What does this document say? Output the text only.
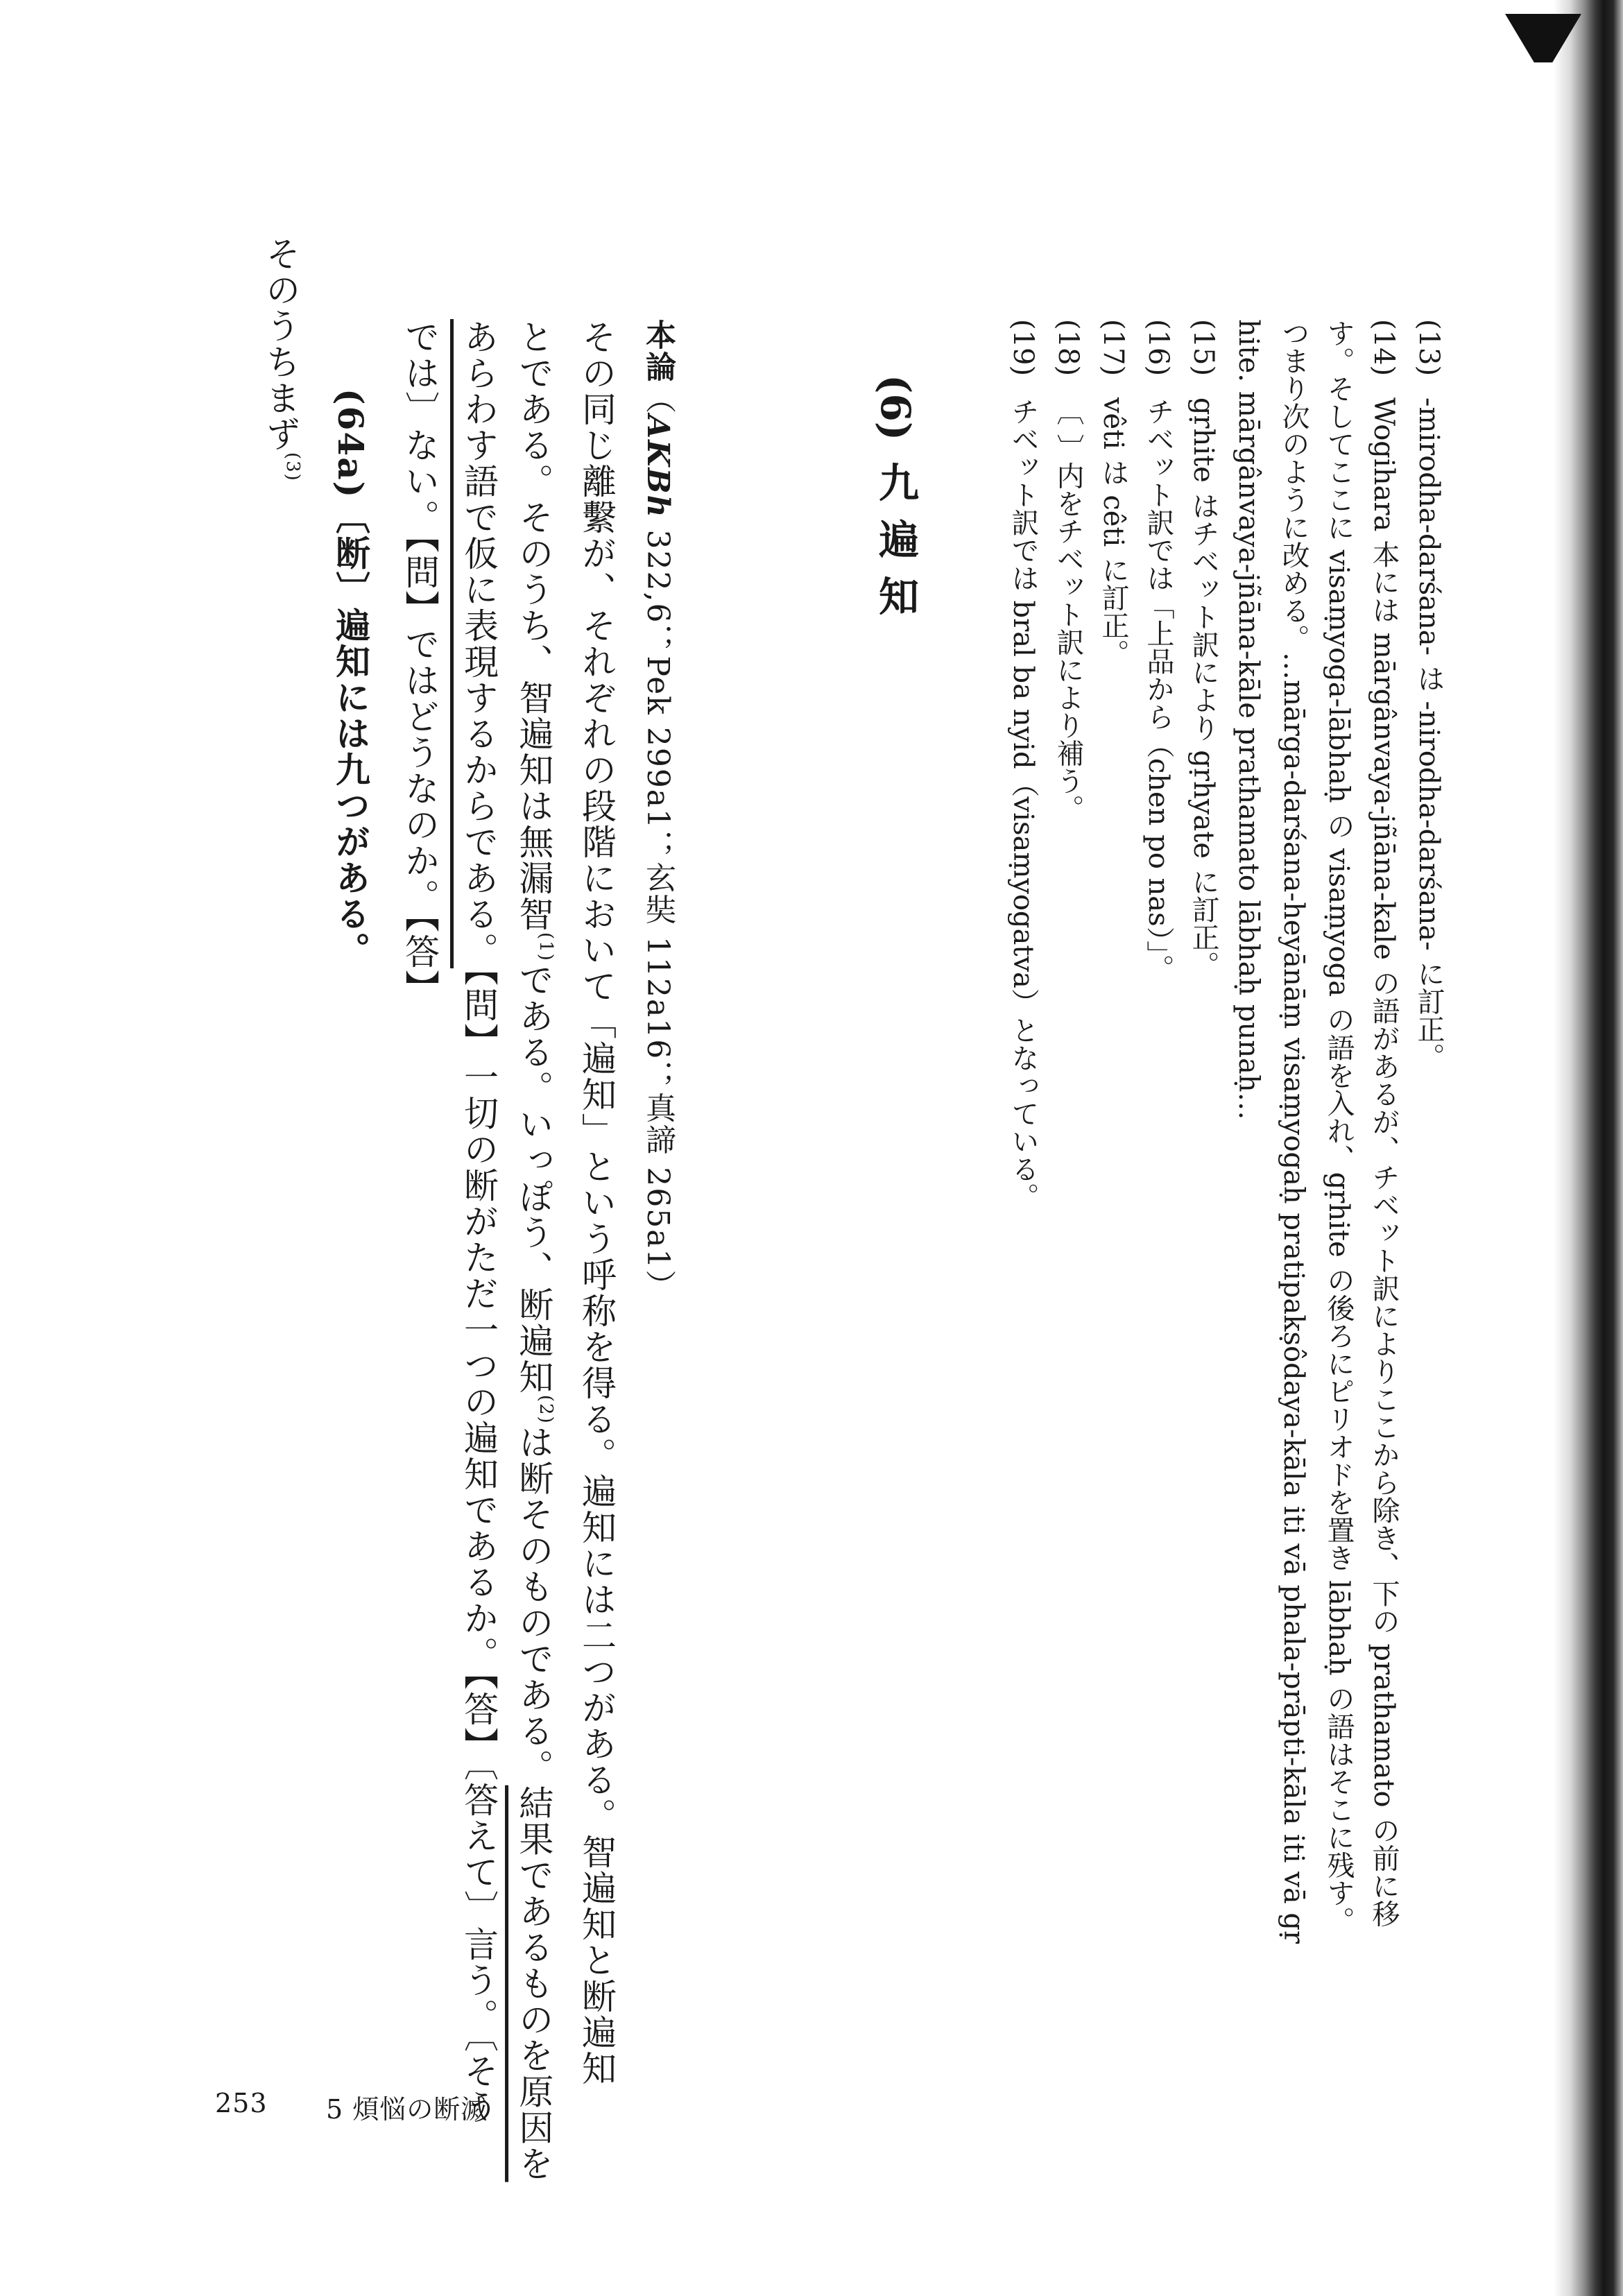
(13) -mirodha-darśana- は -nirodha-darśana- に訂正。
(14) Wogihara 本には mārgânvaya-jñāna-kale の語があるが、チベット訳によりここから除き、下の prathamato の前に移
す。そしてここに visaṃyoga-lābhaḥ の visaṃyoga の語を入れ、gṛhite の後ろにピリオドを置き lābhaḥ の語はそこに残す。
つまり次のように改める。…mārga-darśana-heyānāṃ visaṃyogaḥ pratipakṣôdaya-kāla iti vā phala-prāpti-kāla iti vā gṛ
hite. mārgânvaya-jñāna-kāle prathamato lābhaḥ punaḥ…
(15) gṛhite はチベット訳により gṛhyate に訂正。
(16) チベット訳では「上品から（chen po nas）」。
(17) vêti は cêti に訂正。
(18) 〔 〕内をチベット訳により補う。
(19) チベット訳では bral ba nyid（visaṃyogatva）となっている。
(6)九遍知
本論（AKBh 322,6；Pek 299a1；玄奘 112a16；真諦 265a1）
その同じ離繫が、それぞれの段階において「遍知」という呼称を得る。遍知には二つがある。智遍知と断遍知
とである。そのうち、智遍知は無漏智$^{(1)}$である。いっぽう、断遍知$^{(2)}$は断そのものである。結果であるものを原因を
あらわす語で仮に表現するからである。【問】一切の断がただ一つの遍知であるか。【答】〔答えて〕言う。〔そう
では〕ない。【問】ではどうなのか。【答】
(64a)〔断〕遍知には九つがある。
そのうちまず$^{(3)}$
253 5 煩悩の断滅
